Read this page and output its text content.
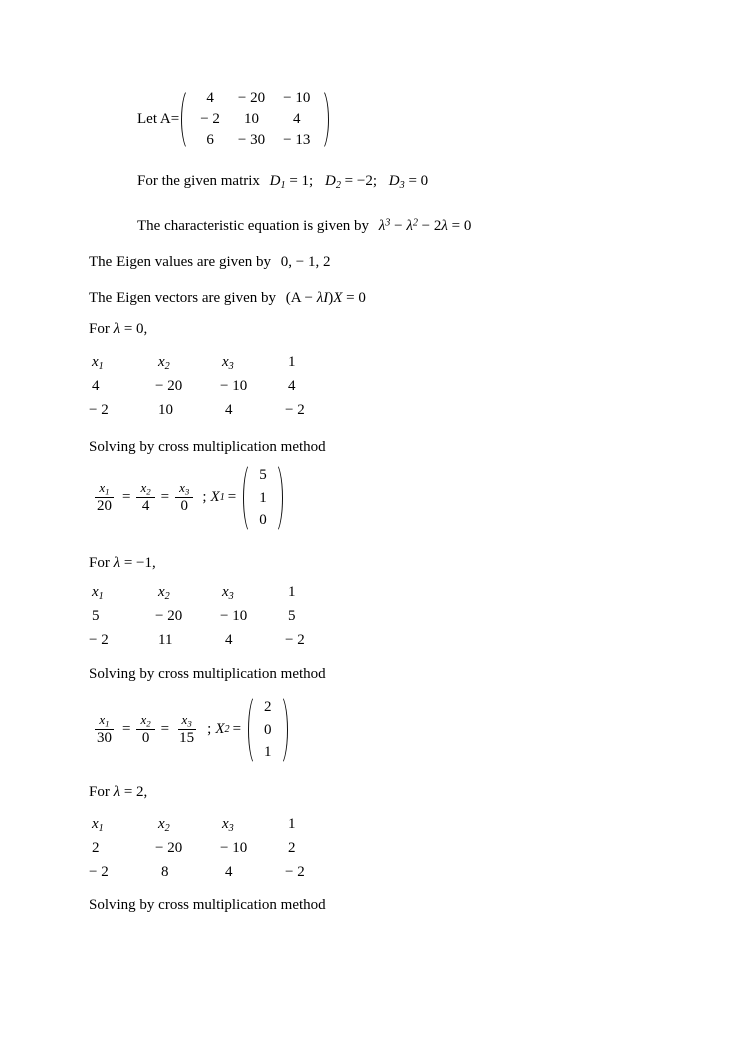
Let A=
4	− 20	− 10
− 2	10	4
6	− 30	− 13
For the given matrix $D_1 = 1$; $D_2 = -2$; $D_3 = 0$
The characteristic equation is given by $\lambda^3 - \lambda^2 - 2\lambda = 0$
The Eigen values are given by 0, − 1, 2
The Eigen vectors are given by (A − λI)X = 0
For λ = 0,
$x_1$	$x_2$	$x_3$	1
4	− 20	− 10	4
− 2	10	4	− 2
Solving by cross multiplication method
$\frac{x_1}{20} = \frac{x_2}{4} = \frac{x_3}{0}$ ; X 1 =
5
1
0
For λ = −1,
$x_1$	$x_2$	$x_3$	1
5	− 20	− 10	5
− 2	11	4	− 2
Solving by cross multiplication method
$\frac{x_1}{30} = \frac{x_2}{0} = \frac{x_3}{15}$ ; X 2 =
2
0
1
For λ = 2,
$x_1$	$x_2$	$x_3$	1
2	− 20	− 10	2
− 2	8	4	− 2
Solving by cross multiplication method
